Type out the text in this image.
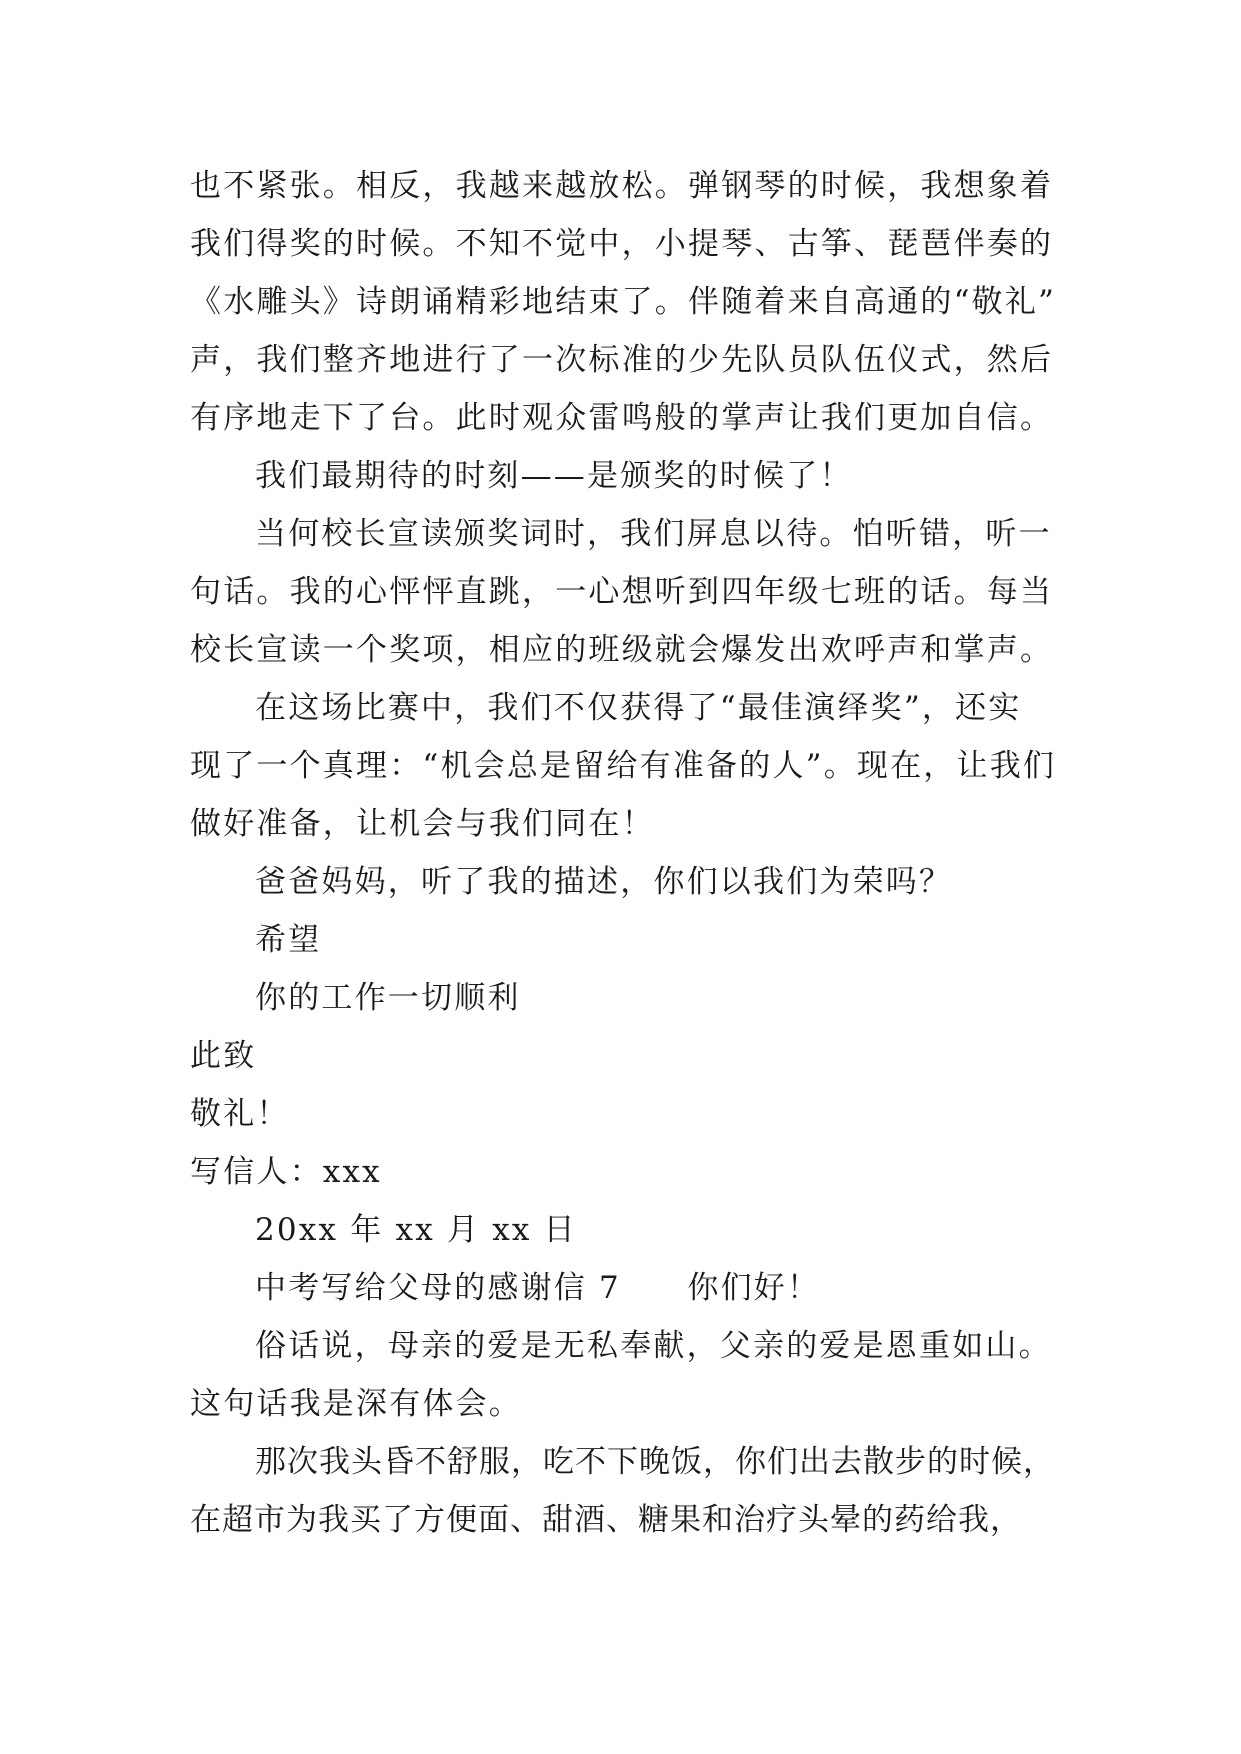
也不紧张。相反，我越来越放松。弹钢琴的时候，我想象着
我们得奖的时候。不知不觉中，小提琴、古筝、琵琶伴奏的
《水雕头》诗朗诵精彩地结束了。伴随着来自高通的“敬礼”
声，我们整齐地进行了一次标准的少先队员队伍仪式，然后
有序地走下了台。此时观众雷鸣般的掌声让我们更加自信。
我们最期待的时刻——是颁奖的时候了！
当何校长宣读颁奖词时，我们屏息以待。怕听错，听一
句话。我的心怦怦直跳，一心想听到四年级七班的话。每当
校长宣读一个奖项，相应的班级就会爆发出欢呼声和掌声。
在这场比赛中，我们不仅获得了“最佳演绎奖”，还实
现了一个真理：“机会总是留给有准备的人”。现在，让我们
做好准备，让机会与我们同在！
爸爸妈妈，听了我的描述，你们以我们为荣吗？
希望
你的工作一切顺利
此致
敬礼！
写信人：xxx
20xx 年 xx 月 xx 日
中考写给父母的感谢信 7　　你们好！
俗话说，母亲的爱是无私奉献，父亲的爱是恩重如山。
这句话我是深有体会。
那次我头昏不舒服，吃不下晚饭，你们出去散步的时候，
在超市为我买了方便面、甜酒、糖果和治疗头晕的药给我，
